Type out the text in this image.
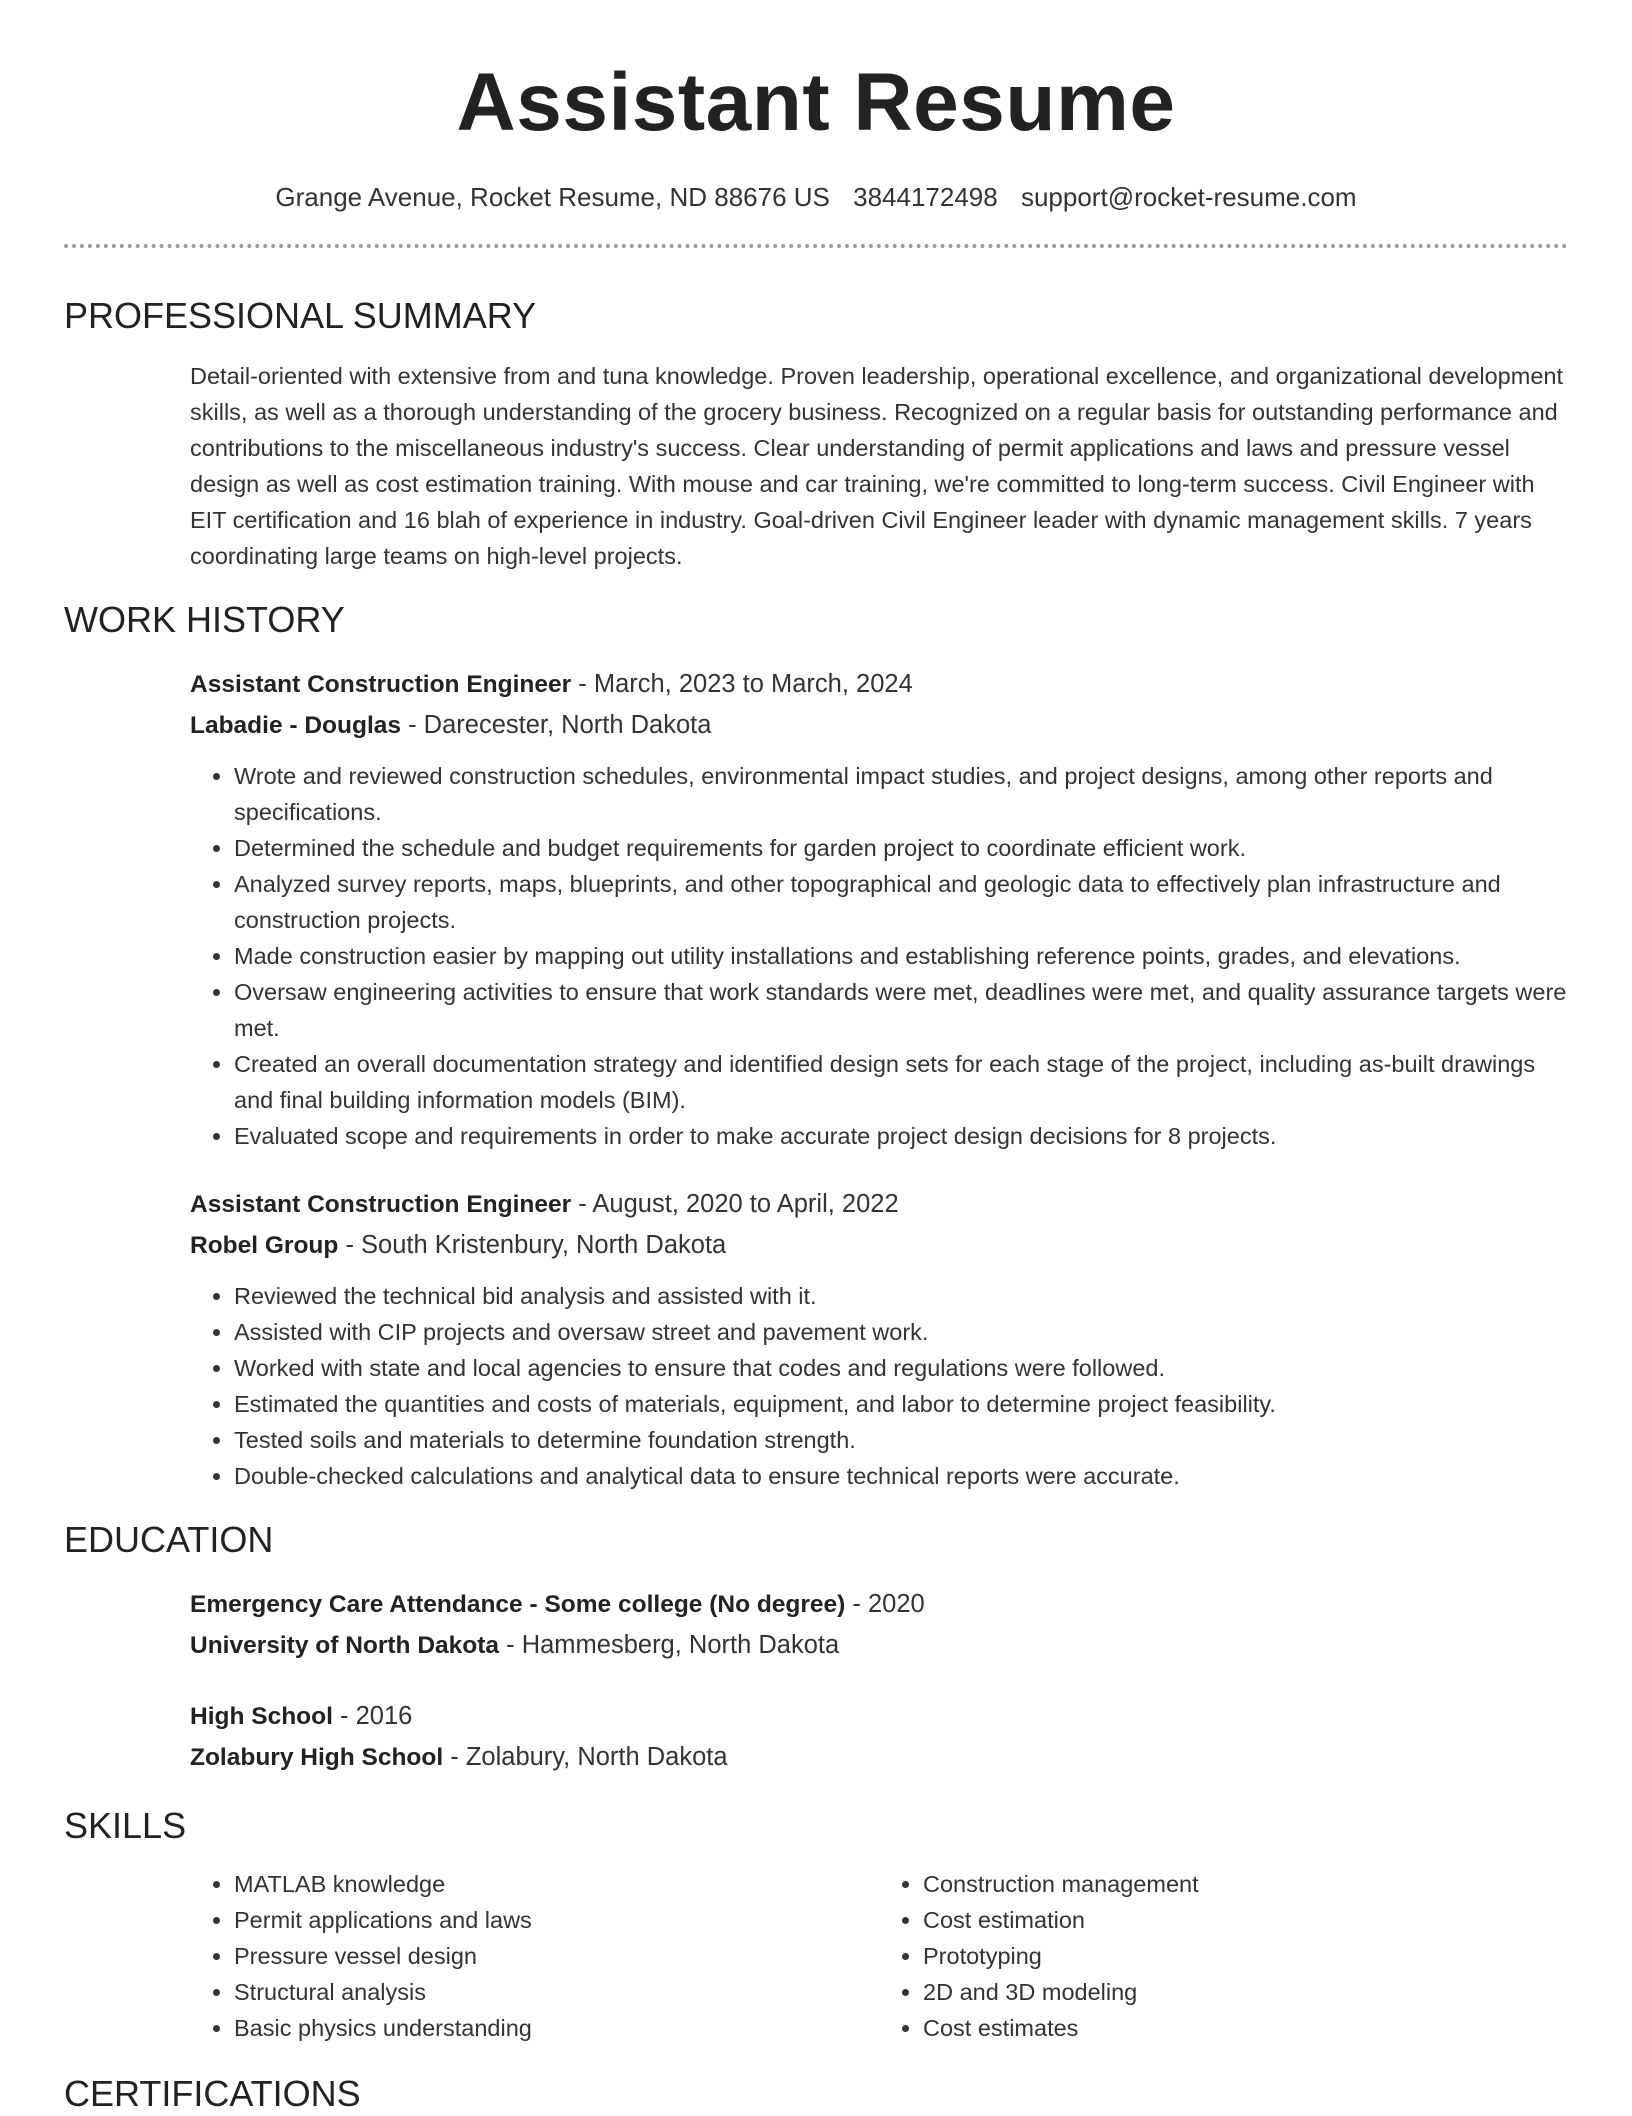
Assistant Resume
Grange Avenue, Rocket Resume, ND 88676 US 3844172498 support@rocket-resume.com
PROFESSIONAL SUMMARY

Detail-oriented with extensive from and tuna knowledge. Proven leadership, operational excellence, and organizational development skills, as well as a thorough understanding of the grocery business. Recognized on a regular basis for outstanding performance and contributions to the miscellaneous industry's success. Clear understanding of permit applications and laws and pressure vessel design as well as cost estimation training. With mouse and car training, we're committed to long-term success. Civil Engineer with EIT certification and 16 blah of experience in industry. Goal-driven Civil Engineer leader with dynamic management skills. 7 years coordinating large teams on high-level projects.

WORK HISTORY
Assistant Construction Engineer - March, 2023 to March, 2024
Labadie - Douglas - Darecester, North Dakota
• Wrote and reviewed construction schedules, environmental impact studies, and project designs, among other reports and specifications.
• Determined the schedule and budget requirements for garden project to coordinate efficient work.
• Analyzed survey reports, maps, blueprints, and other topographical and geologic data to effectively plan infrastructure and construction projects.
• Made construction easier by mapping out utility installations and establishing reference points, grades, and elevations.
• Oversaw engineering activities to ensure that work standards were met, deadlines were met, and quality assurance targets were met.
• Created an overall documentation strategy and identified design sets for each stage of the project, including as-built drawings and final building information models (BIM).
• Evaluated scope and requirements in order to make accurate project design decisions for 8 projects.
Assistant Construction Engineer - August, 2020 to April, 2022
Robel Group - South Kristenbury, North Dakota
• Reviewed the technical bid analysis and assisted with it.
• Assisted with CIP projects and oversaw street and pavement work.
• Worked with state and local agencies to ensure that codes and regulations were followed.
• Estimated the quantities and costs of materials, equipment, and labor to determine project feasibility.
• Tested soils and materials to determine foundation strength.
• Double-checked calculations and analytical data to ensure technical reports were accurate.
EDUCATION
Emergency Care Attendance - Some college (No degree) - 2020
University of North Dakota - Hammesberg, North Dakota
High School - 2016
Zolabury High School - Zolabury, North Dakota
SKILLS
• MATLAB knowledge
• Permit applications and laws
• Pressure vessel design
• Structural analysis
• Basic physics understanding
• Construction management
• Cost estimation
• Prototyping
• 2D and 3D modeling
• Cost estimates
CERTIFICATIONS
